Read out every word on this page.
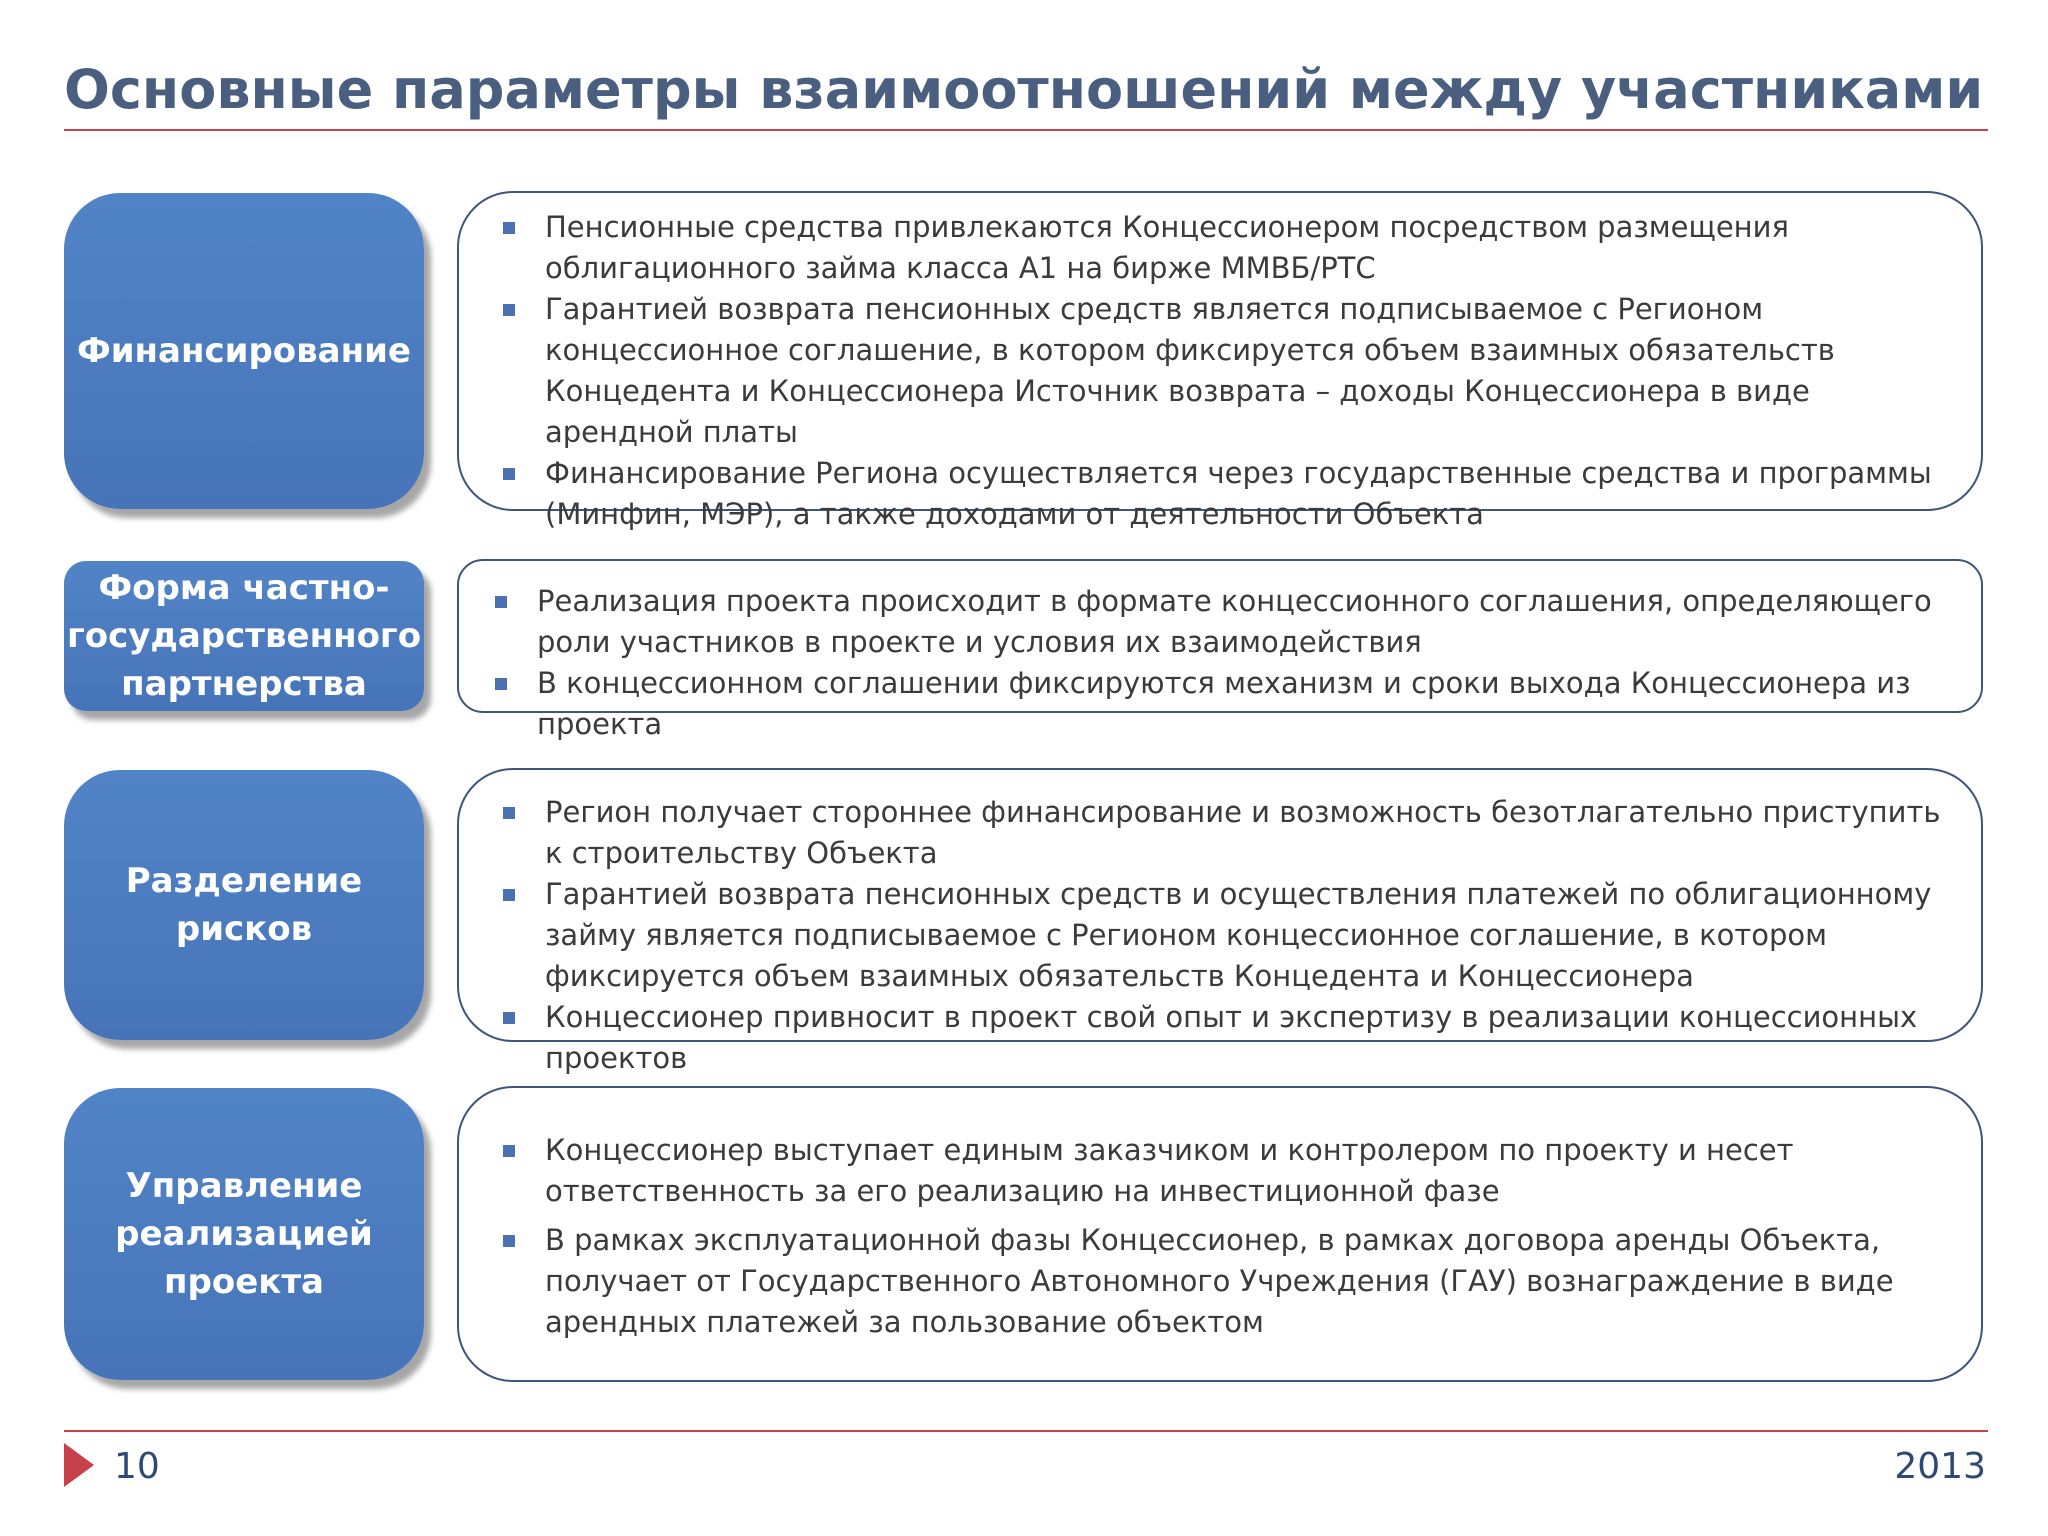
Основные параметры взаимоотношений между участниками
Финансирование
Пенсионные средства привлекаются Концессионером посредством размещения облигационного займа класса А1 на бирже ММВБ/РТС
Гарантией возврата пенсионных средств является подписываемое с Регионом концессионное соглашение, в котором фиксируется объем взаимных обязательств Концедента и Концессионера Источник возврата – доходы Концессионера в виде арендной платы
Финансирование Региона осуществляется через государственные средства и программы (Минфин, МЭР), а также доходами от деятельности Объекта
Форма частно-государственного партнерства
Реализация проекта происходит в формате концессионного соглашения, определяющего роли участников в проекте и условия их взаимодействия
В концессионном соглашении фиксируются механизм и сроки выхода Концессионера из проекта
Разделение рисков
Регион получает стороннее финансирование и возможность безотлагательно приступить к строительству Объекта
Гарантией возврата пенсионных средств и осуществления платежей по облигационному займу является подписываемое с Регионом концессионное соглашение, в котором фиксируется объем взаимных обязательств Концедента и Концессионера
Концессионер привносит в проект свой опыт и экспертизу в реализации концессионных проектов
Управление реализацией проекта
Концессионер выступает единым заказчиком и контролером по проекту и несет ответственность за его реализацию на инвестиционной фазе
В рамках эксплуатационной фазы Концессионер, в рамках договора аренды Объекта, получает от Государственного Автономного Учреждения (ГАУ) вознаграждение в виде арендных платежей за пользование объектом
10	2013
